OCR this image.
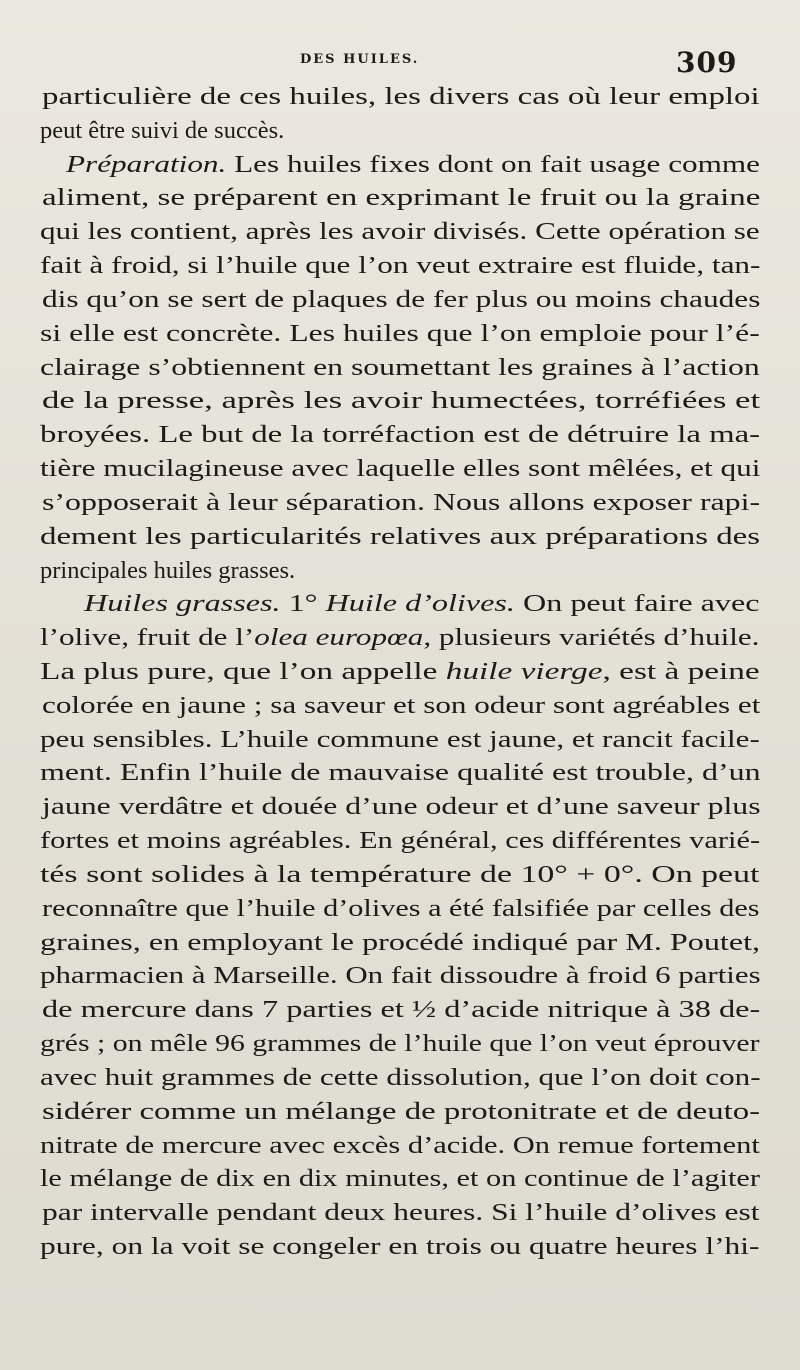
DES HUILES.	309
particulière de ces huiles, les divers cas où leur emploi
peut être suivi de succès.
Préparation. Les huiles fixes dont on fait usage comme
aliment, se préparent en exprimant le fruit ou la graine
qui les contient, après les avoir divisés. Cette opération se
fait à froid, si l’huile que l’on veut extraire est fluide, tan-
dis qu’on se sert de plaques de fer plus ou moins chaudes
si elle est concrète. Les huiles que l’on emploie pour l’é-
clairage s’obtiennent en soumettant les graines à l’action
de la presse, après les avoir humectées, torréfiées et
broyées. Le but de la torréfaction est de détruire la ma-
tière mucilagineuse avec laquelle elles sont mêlées, et qui
s’opposerait à leur séparation. Nous allons exposer rapi-
dement les particularités relatives aux préparations des
principales huiles grasses.
Huiles grasses. 1° Huile d’olives. On peut faire avec
l’olive, fruit de l’olea europœa, plusieurs variétés d’huile.
La plus pure, que l’on appelle huile vierge, est à peine
colorée en jaune ; sa saveur et son odeur sont agréables et
peu sensibles. L’huile commune est jaune, et rancit facile-
ment. Enfin l’huile de mauvaise qualité est trouble, d’un
jaune verdâtre et douée d’une odeur et d’une saveur plus
fortes et moins agréables. En général, ces différentes varié-
tés sont solides à la température de 10° + 0°. On peut
reconnaître que l’huile d’olives a été falsifiée par celles des
graines, en employant le procédé indiqué par M. Poutet,
pharmacien à Marseille. On fait dissoudre à froid 6 parties
de mercure dans 7 parties et ½ d’acide nitrique à 38 de-
grés ; on mêle 96 grammes de l’huile que l’on veut éprouver
avec huit grammes de cette dissolution, que l’on doit con-
sidérer comme un mélange de protonitrate et de deuto-
nitrate de mercure avec excès d’acide. On remue fortement
le mélange de dix en dix minutes, et on continue de l’agiter
par intervalle pendant deux heures. Si l’huile d’olives est
pure, on la voit se congeler en trois ou quatre heures l’hi-
